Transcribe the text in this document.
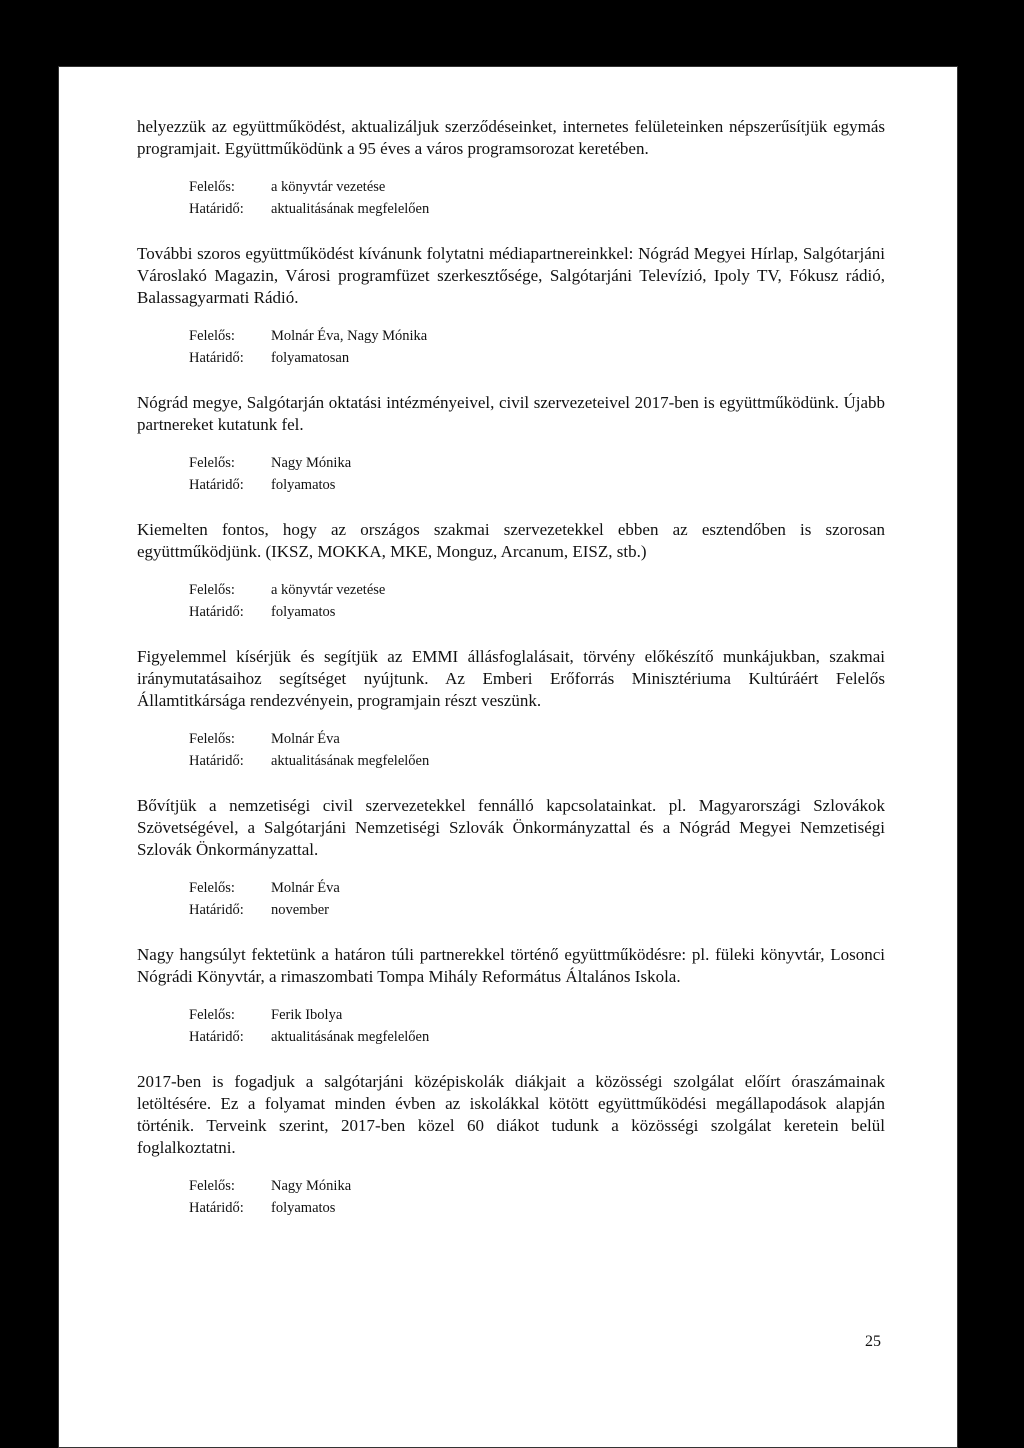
helyezzük az együttműködést, aktualizáljuk szerződéseinket, internetes felületeinken népszerűsítjük egymás programjait. Együttműködünk a 95 éves a város programsorozat keretében.

Felelős:	a könyvtár vezetése
Határidő:	aktualitásának megfelelően

További szoros együttműködést kívánunk folytatni médiapartnereinkkel: Nógrád Megyei Hírlap, Salgótarjáni Városlakó Magazin, Városi programfüzet szerkesztősége, Salgótarjáni Televízió, Ipoly TV, Fókusz rádió, Balassagyarmati Rádió.

Felelős:	Molnár Éva, Nagy Mónika
Határidő:	folyamatosan

Nógrád megye, Salgótarján oktatási intézményeivel, civil szervezeteivel 2017-ben is együttműködünk. Újabb partnereket kutatunk fel.

Felelős:	Nagy Mónika
Határidő:	folyamatos

Kiemelten fontos, hogy az országos szakmai szervezetekkel ebben az esztendőben is szorosan együttműködjünk. (IKSZ, MOKKA, MKE, Monguz, Arcanum, EISZ, stb.)

Felelős:	a könyvtár vezetése
Határidő:	folyamatos

Figyelemmel kísérjük és segítjük az EMMI állásfoglalásait, törvény előkészítő munkájukban, szakmai iránymutatásaihoz segítséget nyújtunk. Az Emberi Erőforrás Minisztériuma Kultúráért Felelős Államtitkársága rendezvényein, programjain részt veszünk.

Felelős:	Molnár Éva
Határidő:	aktualitásának megfelelően

Bővítjük a nemzetiségi civil szervezetekkel fennálló kapcsolatainkat. pl. Magyarországi Szlovákok Szövetségével, a Salgótarjáni Nemzetiségi Szlovák Önkormányzattal és a Nógrád Megyei Nemzetiségi Szlovák Önkormányzattal.

Felelős:	Molnár Éva
Határidő:	november

Nagy hangsúlyt fektetünk a határon túli partnerekkel történő együttműködésre: pl. füleki könyvtár, Losonci Nógrádi Könyvtár, a rimaszombati Tompa Mihály Református Általános Iskola.

Felelős:	Ferik Ibolya
Határidő:	aktualitásának megfelelően

2017-ben is fogadjuk a salgótarjáni középiskolák diákjait a közösségi szolgálat előírt óraszámainak letöltésére. Ez a folyamat minden évben az iskolákkal kötött együttműködési megállapodások alapján történik. Terveink szerint, 2017-ben közel 60 diákot tudunk a közösségi szolgálat keretein belül foglalkoztatni.

Felelős:	Nagy Mónika
Határidő:	folyamatos
25
